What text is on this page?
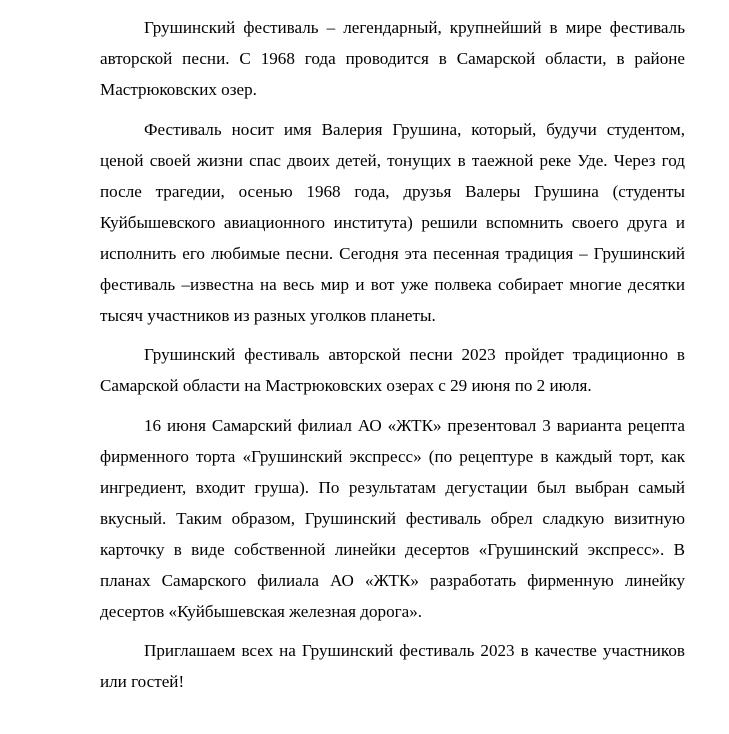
Грушинский фестиваль – легендарный, крупнейший в мире фестиваль авторской песни. С 1968 года проводится в Самарской области, в районе Мастрюковских озер.

Фестиваль носит имя Валерия Грушина, который, будучи студентом, ценой своей жизни спас двоих детей, тонущих в таежной реке Уде. Через год после трагедии, осенью 1968 года, друзья Валеры Грушина (студенты Куйбышевского авиационного института) решили вспомнить своего друга и исполнить его любимые песни. Сегодня эта песенная традиция – Грушинский фестиваль –известна на весь мир и вот уже полвека собирает многие десятки тысяч участников из разных уголков планеты.

Грушинский фестиваль авторской песни 2023 пройдет традиционно в Самарской области на Мастрюковских озерах с 29 июня по 2 июля.

16 июня Самарский филиал АО «ЖТК» презентовал 3 варианта рецепта фирменного торта «Грушинский экспресс» (по рецептуре в каждый торт, как ингредиент, входит груша). По результатам дегустации был выбран самый вкусный. Таким образом, Грушинский фестиваль обрел сладкую визитную карточку в виде собственной линейки десертов «Грушинский экспресс». В планах Самарского филиала АО «ЖТК» разработать фирменную линейку десертов «Куйбышевская железная дорога».

Приглашаем всех на Грушинский фестиваль 2023 в качестве участников или гостей!
